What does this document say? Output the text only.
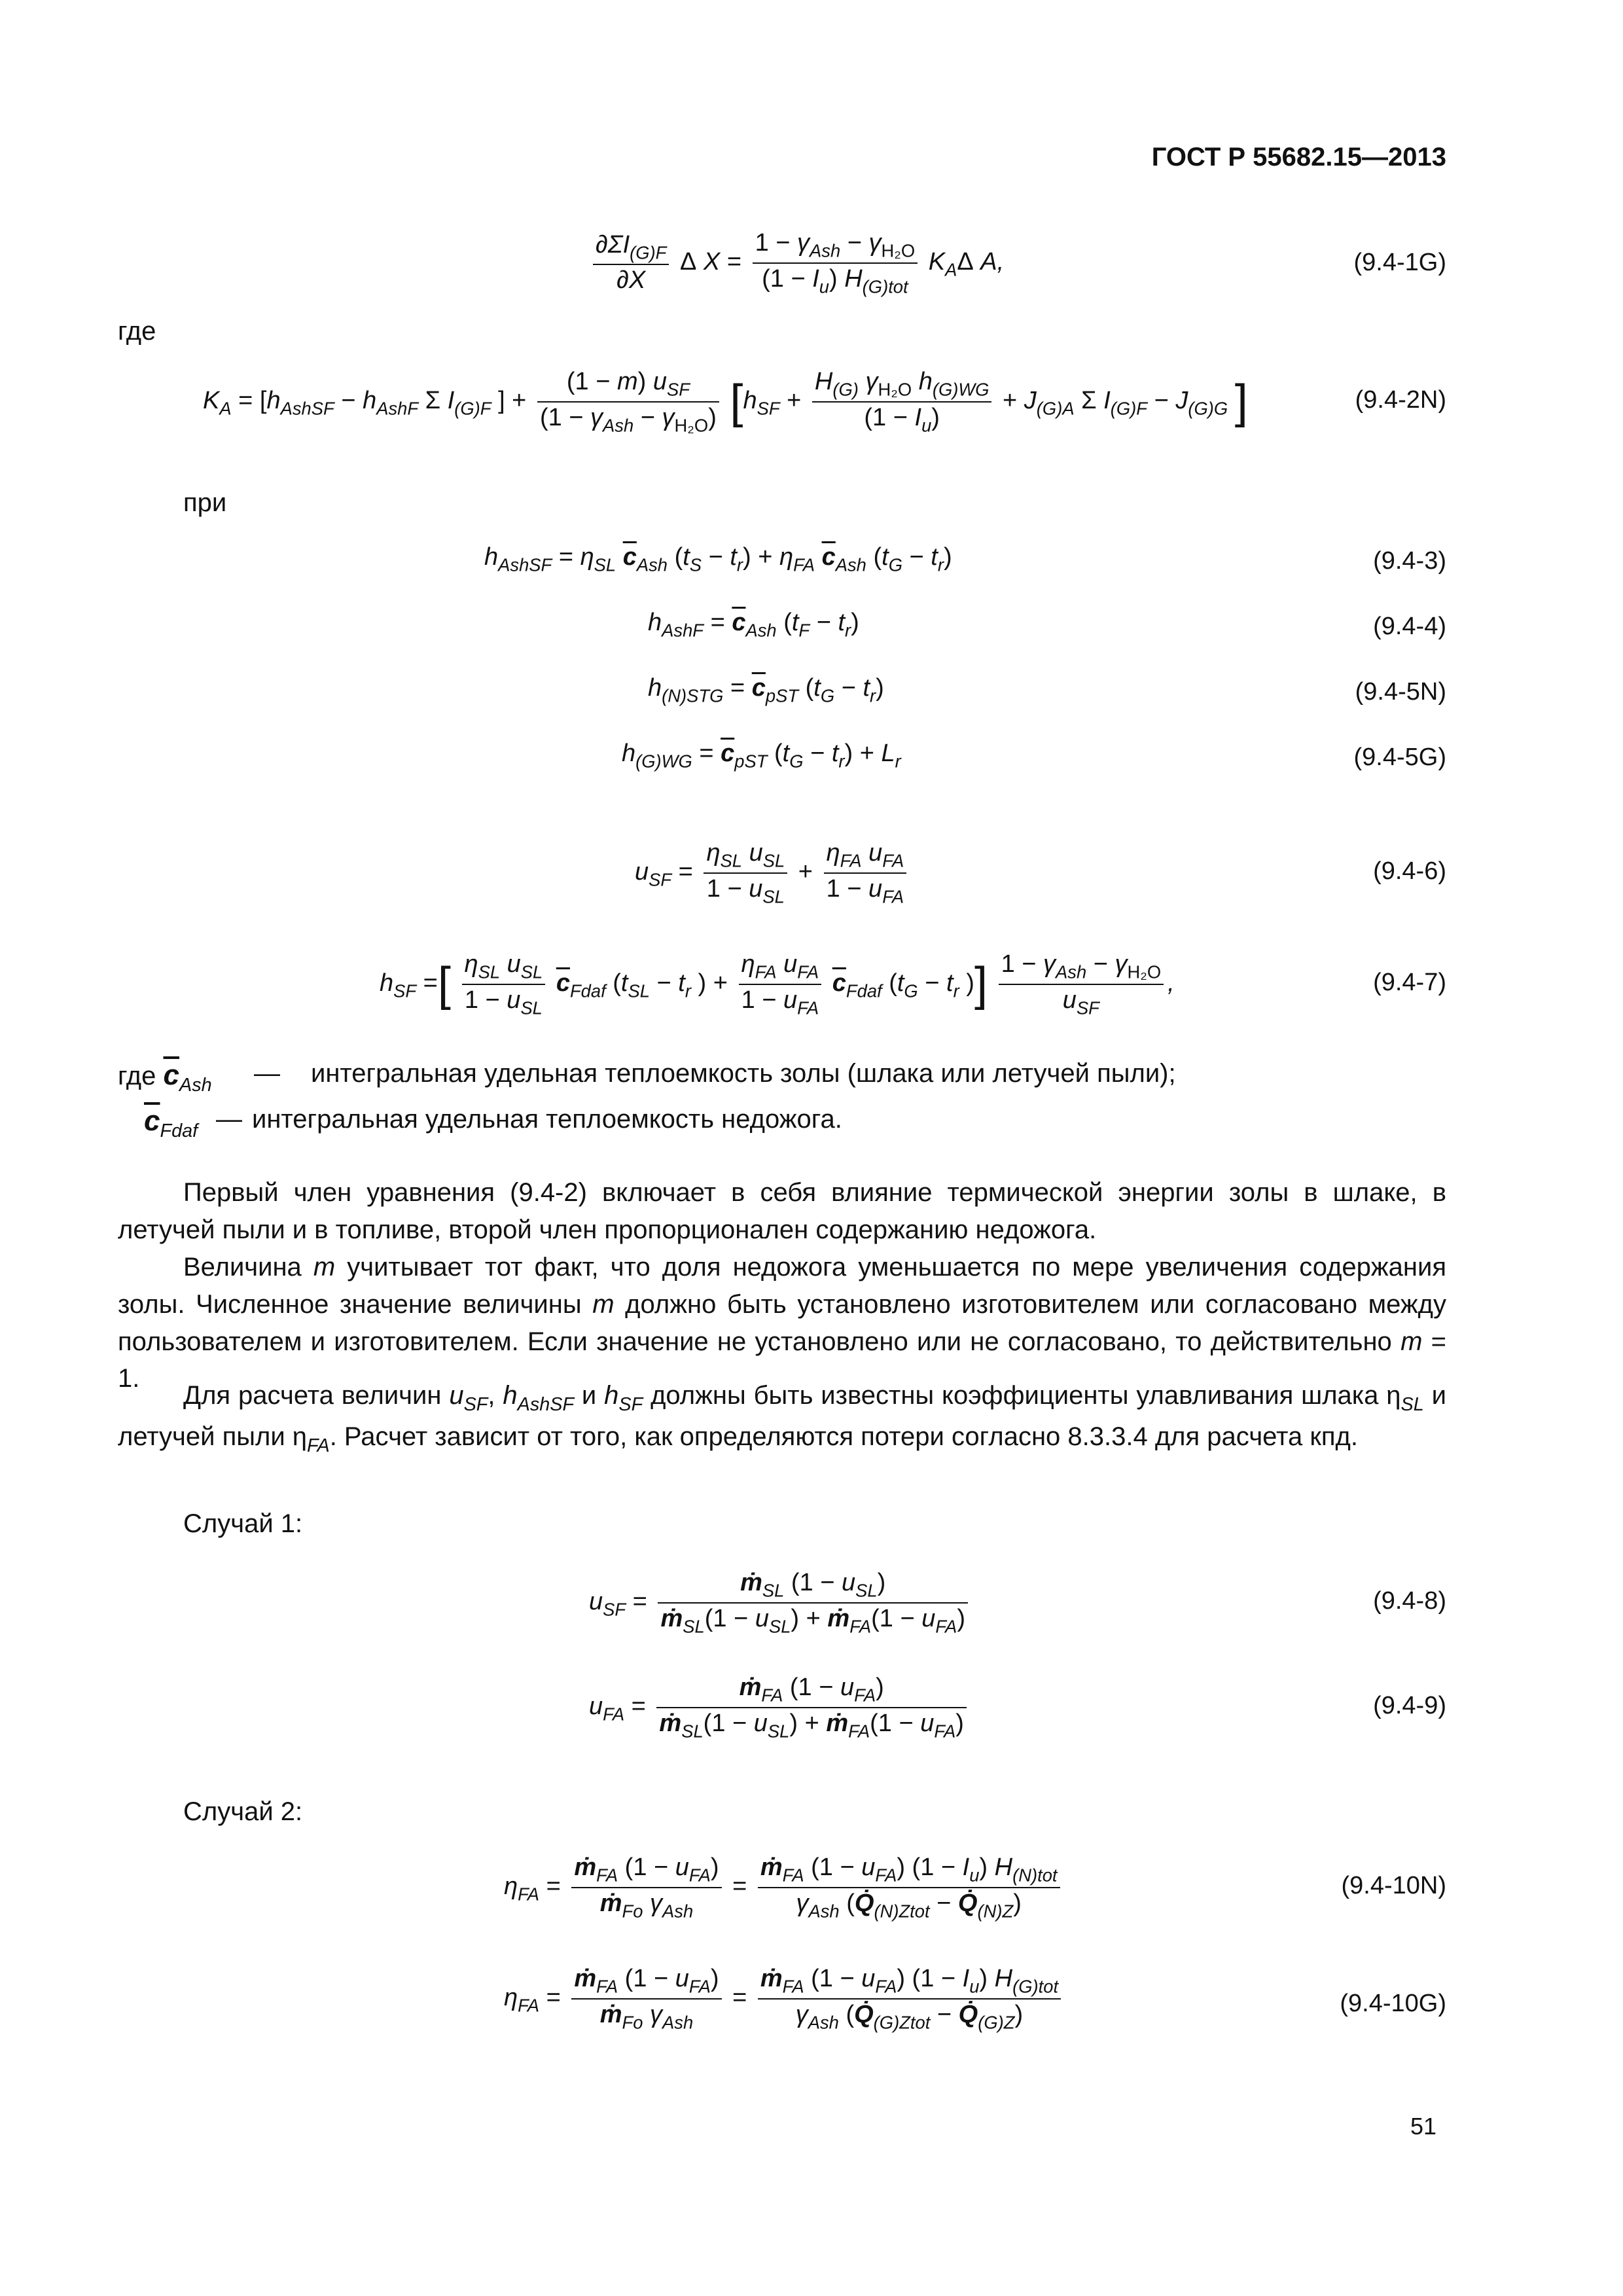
ГОСТ Р 55682.15—2013
$\frac{\partial\Sigma I_{(G)F}}{\partial X}$ Δ $X = \frac{1 - \gamma_{Ash} - \gamma_{H_2O}}{(1 - I_u) H_{(G)tot}} K_A\Delta$ A,	(9.4-1G)
где
$K_A = [h_{AshSF} - h_{AshF}$ Σ $I_{(G)F}$ ] + $\frac{(1 - m) u_{SF}}{(1 - \gamma_{Ash} - \gamma_{H_2O})} [h_{SF} + \frac{H_{(G)} \gamma_{H_2O} h_{(G)WG}}{(1 - I_u)} + J_{(G)A}$ Σ $I_{(G)F} - J_{(G)G}$ ]	(9.4-2N)
при
$h_{AshSF} = \eta_{SL}$ $\overline{c}_{Ash}$ $(t_S - t_r) + \eta_{FA}$ $\overline{c}_{Ash}$ $(t_G - t_r)$	(9.4-3)
$h_{AshF} = \overline{c}_{Ash}$ $(t_F - t_r)$	(9.4-4)
$h_{(N)STG} = \overline{c}_{pST}$ $(t_G - t_r)$	(9.4-5N)
$h_{(G)WG} = \overline{c}_{pST}$ $(t_G - t_r) + L_r$	(9.4-5G)
$u_{SF} = \frac{\eta_{SL} u_{SL}}{1 - u_{SL}} + \frac{\eta_{FA} u_{FA}}{1 - u_{FA}}$	(9.4-6)
$h_{SF}$ =[ $\frac{\eta_{SL} u_{SL}}{1 - u_{SL}} \overline{c}_{Fdaf}$ ($t_{SL} - t_r$ ) + $\frac{\eta_{FA} u_{FA}}{1 - u_{FA}} \overline{c}_{Fdaf}$ ($t_G - t_r$ )] $\frac{1 - \gamma_{Ash} - \gamma_{H_2O}}{u_{SF}}$ ,	(9.4-7)
где $\overline{c}_{Ash}$ — интегральная удельная теплоемкость золы (шлака или летучей пыли);
$\overline{c}_{Fdaf}$ — интегральная удельная теплоемкость недожога.
Первый член уравнения (9.4-2) включает в себя влияние термической энергии золы в шлаке, в летучей пыли и в топливе, второй член пропорционален содержанию недожога.
Величина m учитывает тот факт, что доля недожога уменьшается по мере увеличения содержания золы. Численное значение величины m должно быть установлено изготовителем или согласовано между пользователем и изготовителем. Если значение не установлено или не согласовано, то действительно m = 1.
Для расчета величин $u_{SF}$, $h_{AshSF}$ и $h_{SF}$ должны быть известны коэффициенты улавливания шлака $\eta_{SL}$ и летучей пыли $\eta_{FA}$. Расчет зависит от того, как определяются потери согласно 8.3.3.4 для расчета кпд.
Случай 1:
$u_{SF} = \frac{ṁ_{SL} (1 - u_{SL})}{ṁ_{SL}(1 - u_{SL}) + ṁ_{FA}(1 - u_{FA})}$	(9.4-8)
$u_{FA} = \frac{ṁ_{FA} (1 - u_{FA})}{ṁ_{SL}(1 - u_{SL}) + ṁ_{FA}(1 - u_{FA})}$	(9.4-9)
Случай 2:
$\eta_{FA} = \frac{ṁ_{FA} (1 - u_{FA})}{ṁ_{Fo} \gamma_{Ash}} = \frac{ṁ_{FA} (1 - u_{FA}) (1 - I_u) H_{(N)tot}}{\gamma_{Ash} (Q̇_{(N)Ztot} - Q̇_{(N)Z})}$	(9.4-10N)
$\eta_{FA} = \frac{ṁ_{FA} (1 - u_{FA})}{ṁ_{Fo} \gamma_{Ash}} = \frac{ṁ_{FA} (1 - u_{FA}) (1 - I_u) H_{(G)tot}}{\gamma_{Ash} (Q̇_{(G)Ztot} - Q̇_{(G)Z})}$	(9.4-10G)
51
